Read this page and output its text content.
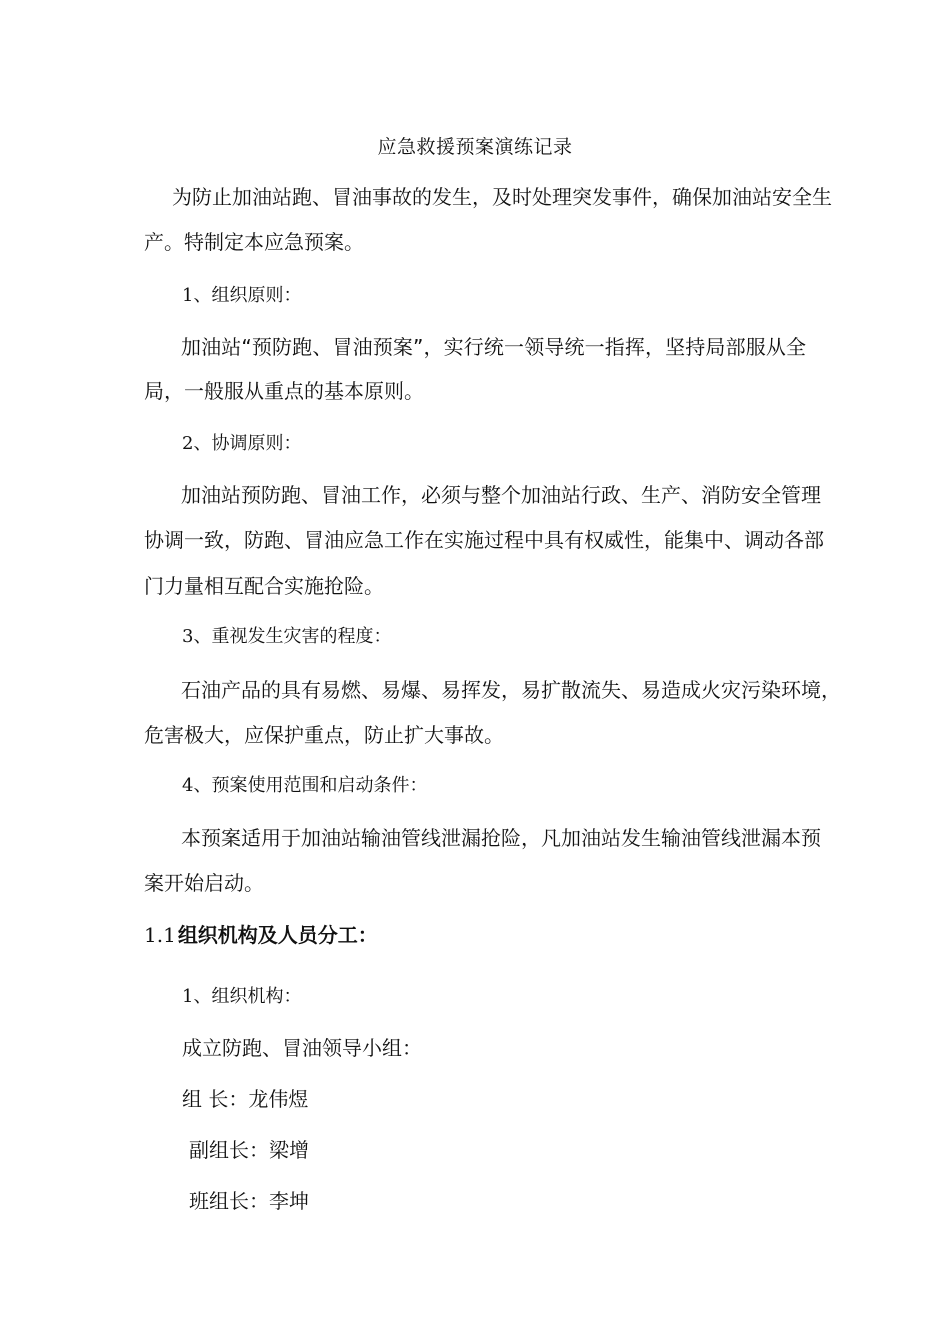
应急救援预案演练记录
为防止加油站跑、冒油事故的发生，及时处理突发事件，确保加油站安全生
产。特制定本应急预案。
1、组织原则：
加油站“预防跑、冒油预案”，实行统一领导统一指挥，坚持局部服从全
局，一般服从重点的基本原则。
2、协调原则：
加油站预防跑、冒油工作，必须与整个加油站行政、生产、消防安全管理
协调一致，防跑、冒油应急工作在实施过程中具有权威性，能集中、调动各部
门力量相互配合实施抢险。
3、重视发生灾害的程度：
石油产品的具有易燃、易爆、易挥发，易扩散流失、易造成火灾污染环境，
危害极大，应保护重点，防止扩大事故。
4、预案使用范围和启动条件：
本预案适用于加油站输油管线泄漏抢险，凡加油站发生输油管线泄漏本预
案开始启动。
1.1 组织机构及人员分工：
1、组织机构：
成立防跑、冒油领导小组：
组 长：龙伟煜
副组长：梁增
班组长：李坤
